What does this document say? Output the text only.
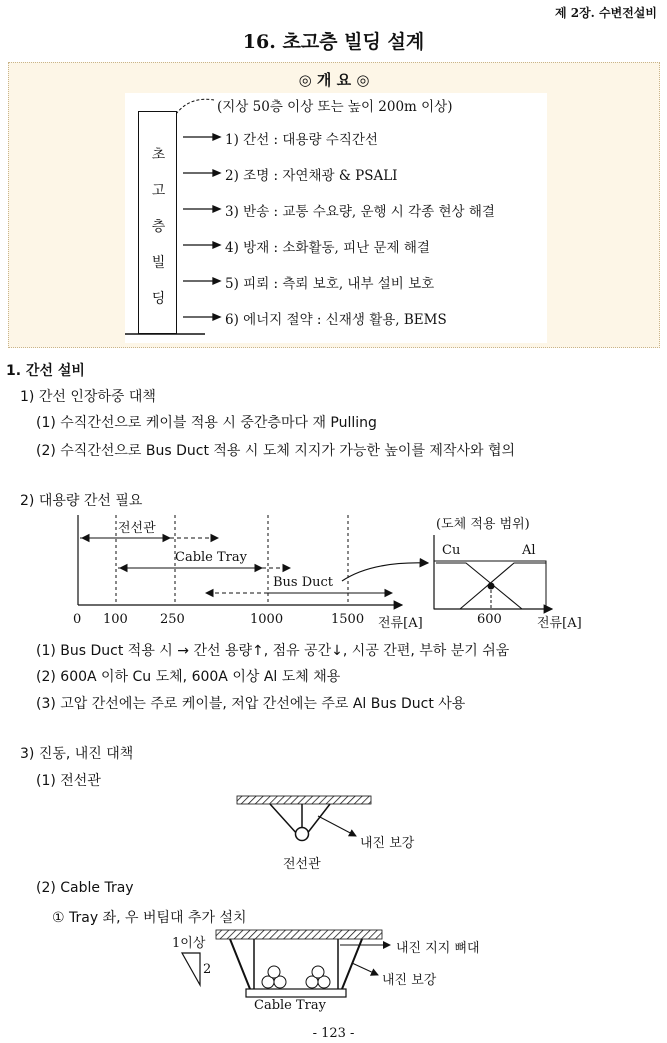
제 2장. 수변전설비
16. 초고층 빌딩 설계
◎ 개 요 ◎
초
고
층
빌
딩
(지상 50층 이상 또는 높이 200m 이상)
1) 간선 : 대용량 수직간선
2) 조명 : 자연채광 & PSALI
3) 반송 : 교통 수요량, 운행 시 각종 현상 해결
4) 방재 : 소화활동, 피난 문제 해결
5) 피뢰 : 측뢰 보호, 내부 설비 보호
6) 에너지 절약 : 신재생 활용, BEMS
1. 간선 설비
1) 간선 인장하중 대책
(1) 수직간선으로 케이블 적용 시 중간층마다 재 Pulling
(2) 수직간선으로 Bus Duct 적용 시 도체 지지가 가능한 높이를 제작사와 협의
2) 대용량 간선 필요
전선관
Cable Tray
Bus Duct
0 100 250	1000	1500 전류[A]
(도체 적용 범위)
Cu	Al
600	전류[A]
(1) Bus Duct 적용 시 → 간선 용량↑, 점유 공간↓, 시공 간편, 부하 분기 쉬움
(2) 600A 이하 Cu 도체, 600A 이상 Al 도체 채용
(3) 고압 간선에는 주로 케이블, 저압 간선에는 주로 Al Bus Duct 사용
3) 진동, 내진 대책
(1) 전선관
내진 보강
전선관
(2) Cable Tray
① Tray 좌, 우 버팀대 추가 설치
1이상
2
내진 지지 뼈대
내진 보강
Cable Tray
- 123 -
